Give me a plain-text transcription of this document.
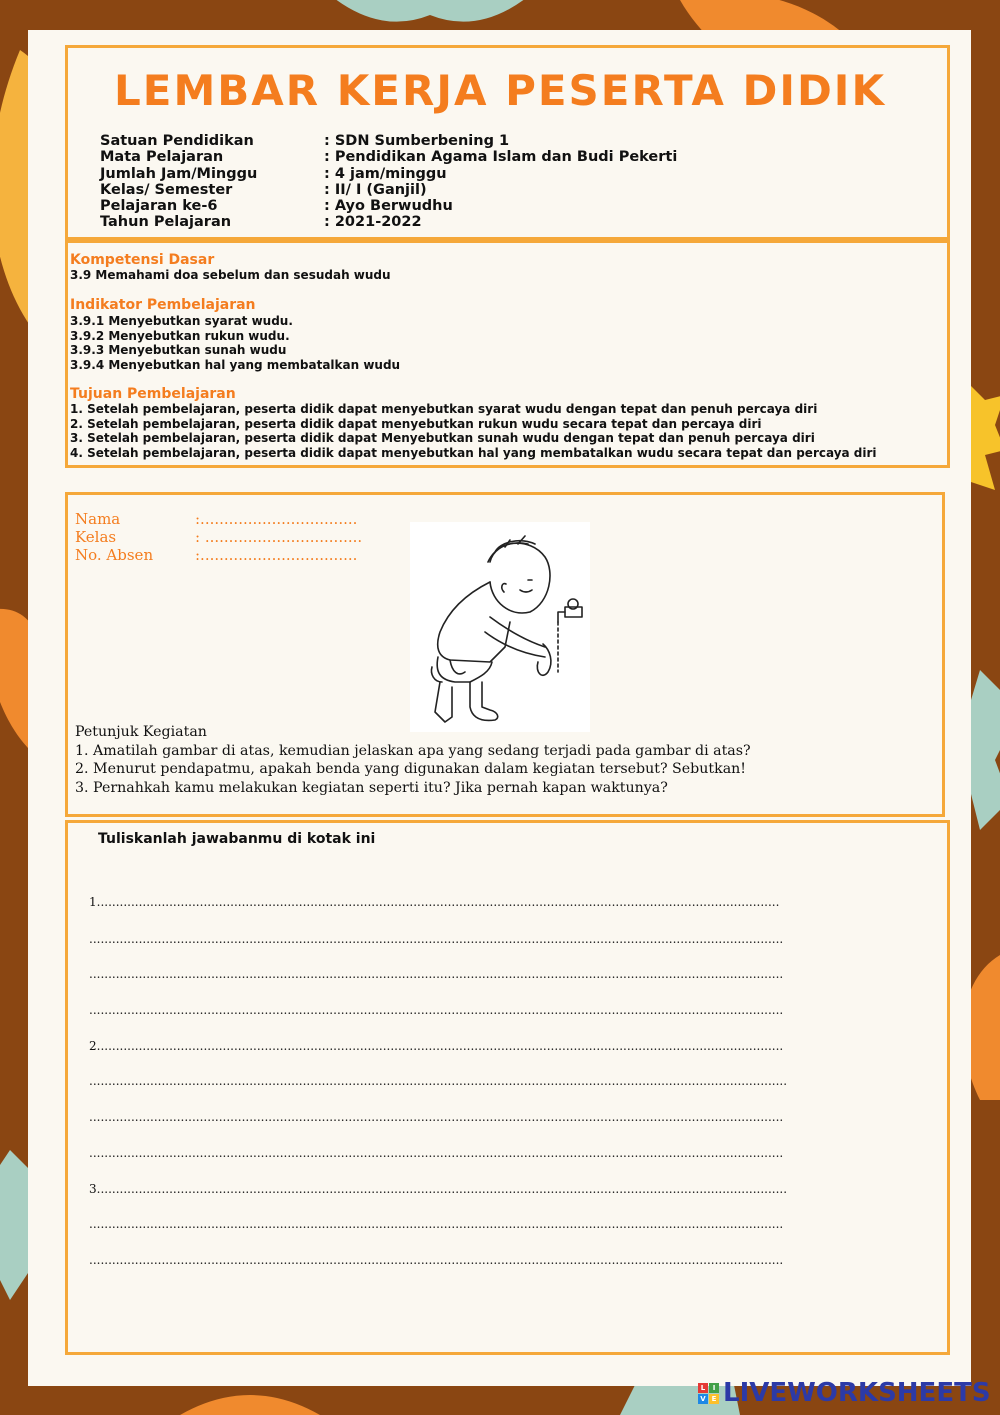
LEMBAR KERJA PESERTA DIDIK
Satuan Pendidikan	: SDN Sumberbening 1
Mata Pelajaran	: Pendidikan Agama Islam dan Budi Pekerti
Jumlah Jam/Minggu	: 4 jam/minggu
Kelas/ Semester	: II/ I (Ganjil)
Pelajaran ke-6	: Ayo Berwudhu
Tahun Pelajaran	: 2021-2022
Kompetensi Dasar
3.9 Memahami doa sebelum dan sesudah wudu
Indikator Pembelajaran
3.9.1 Menyebutkan syarat wudu.
3.9.2 Menyebutkan rukun wudu.
3.9.3 Menyebutkan sunah wudu
3.9.4 Menyebutkan hal yang membatalkan wudu
Tujuan Pembelajaran
1. Setelah pembelajaran, peserta didik dapat menyebutkan syarat wudu dengan tepat dan penuh percaya diri
2. Setelah pembelajaran, peserta didik dapat menyebutkan rukun wudu secara tepat dan percaya diri
3. Setelah pembelajaran, peserta didik dapat Menyebutkan sunah wudu dengan tepat dan penuh percaya diri
4. Setelah pembelajaran, peserta didik dapat menyebutkan hal yang membatalkan wudu secara tepat dan percaya diri
Nama	:.................................
Kelas	: .................................
No. Absen	:.................................
Petunjuk Kegiatan
1. Amatilah gambar di atas, kemudian jelaskan apa yang sedang terjadi pada gambar di atas?
2. Menurut pendapatmu, apakah benda yang digunakan dalam kegiatan tersebut? Sebutkan!
3. Pernahkah kamu melakukan kegiatan seperti itu? Jika pernah kapan waktunya?
Tuliskanlah jawabanmu di kotak ini
1...................................................................................................................................................................................
......................................................................................................................................................................................
......................................................................................................................................................................................
......................................................................................................................................................................................
2....................................................................................................................................................................................
.......................................................................................................................................................................................
......................................................................................................................................................................................
......................................................................................................................................................................................
3.....................................................................................................................................................................................
......................................................................................................................................................................................
......................................................................................................................................................................................
L	I
V E LIVEWORKSHEETS
